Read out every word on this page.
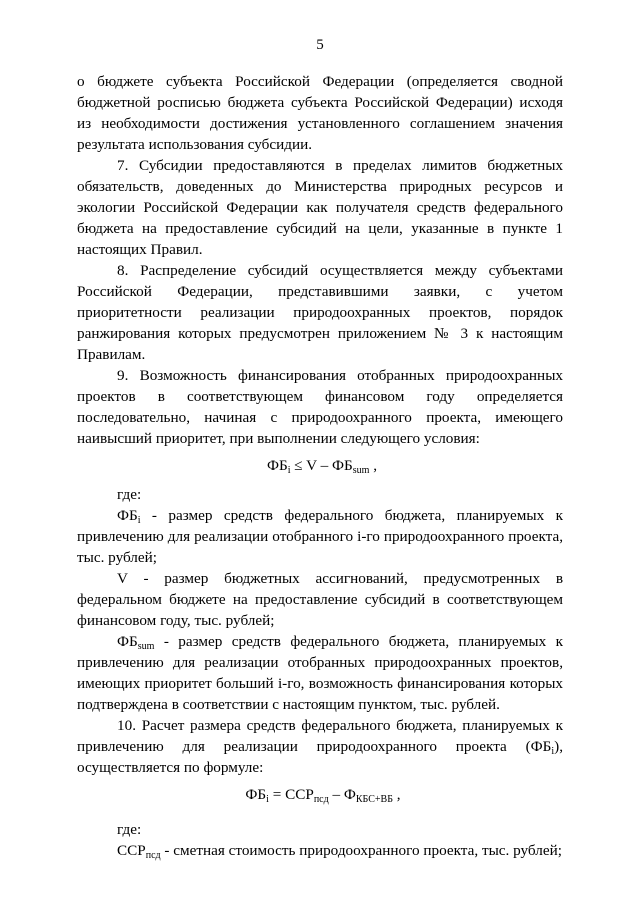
5

о бюджете субъекта Российской Федерации (определяется сводной бюджетной росписью бюджета субъекта Российской Федерации) исходя из необходимости достижения установленного соглашением значения результата использования субсидии.

7. Субсидии предоставляются в пределах лимитов бюджетных обязательств, доведенных до Министерства природных ресурсов и экологии Российской Федерации как получателя средств федерального бюджета на предоставление субсидий на цели, указанные в пункте 1 настоящих Правил.

8. Распределение субсидий осуществляется между субъектами Российской Федерации, представившими заявки, с учетом приоритетности реализации природоохранных проектов, порядок ранжирования которых предусмотрен приложением № 3 к настоящим Правилам.

9. Возможность финансирования отобранных природоохранных проектов в соответствующем финансовом году определяется последовательно, начиная с природоохранного проекта, имеющего наивысший приоритет, при выполнении следующего условия:

$ФБ_i \le V - ФБ_{sum}$ ,

где:

$ФБ_i$ - размер средств федерального бюджета, планируемых к привлечению для реализации отобранного i-го природоохранного проекта, тыс. рублей;

V - размер бюджетных ассигнований, предусмотренных в федеральном бюджете на предоставление субсидий в соответствующем финансовом году, тыс. рублей;

$ФБ_{sum}$ - размер средств федерального бюджета, планируемых к привлечению для реализации отобранных природоохранных проектов, имеющих приоритет больший i-го, возможность финансирования которых подтверждена в соответствии с настоящим пунктом, тыс. рублей.

10. Расчет размера средств федерального бюджета, планируемых к привлечению для реализации природоохранного проекта $(ФБ_i)$, осуществляется по формуле:

$ФБ_i = ССР_{псд} - Ф_{КБС+ВБ}$ ,

где:

$ССР_{псд}$ - сметная стоимость природоохранного проекта, тыс. рублей;
